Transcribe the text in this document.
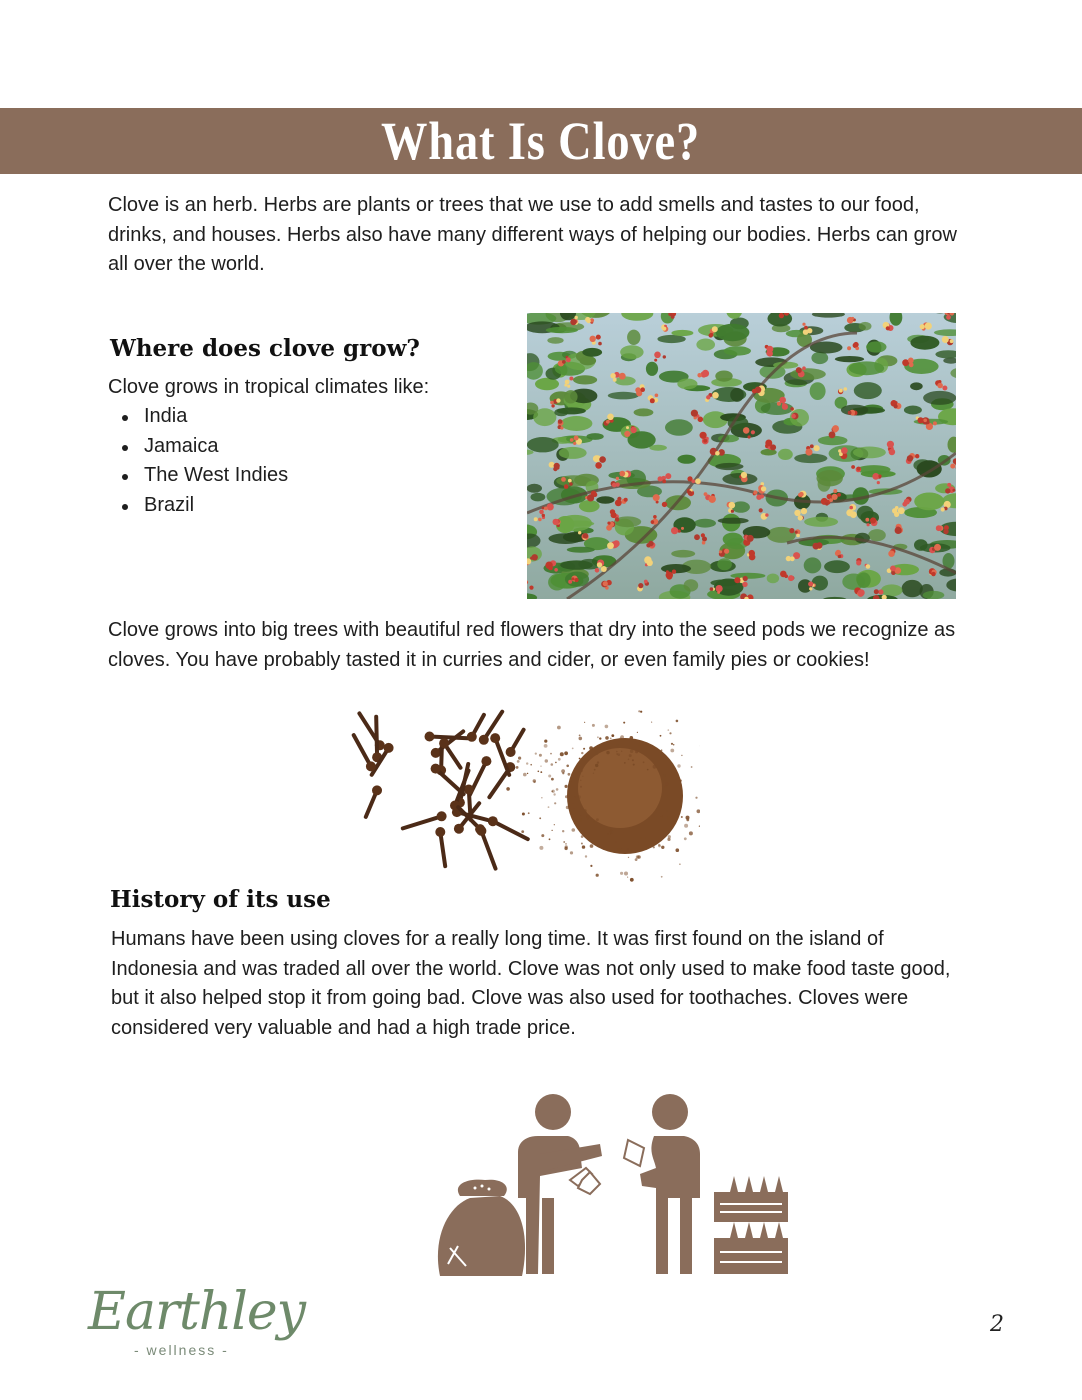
What Is Clove?

Clove is an herb. Herbs are plants or trees that we use to add smells and tastes to our food, drinks, and houses. Herbs also have many different ways of helping our bodies. Herbs can grow all over the world.

Where does clove grow?

Clove grows in tropical climates like:

India
Jamaica
The West Indies
Brazil

Clove grows into big trees with beautiful red flowers that dry into the seed pods we recognize as cloves. You have probably tasted it in curries and cider, or even family pies or cookies!

History of its use

Humans have been using cloves for a really long time. It was first found on the island of Indonesia and was traded all over the world. Clove was not only used to make food taste good, but it also helped stop it from going bad. Clove was also used for toothaches. Cloves were considered very valuable and had a high trade price.

Earthley
- wellness -
2
